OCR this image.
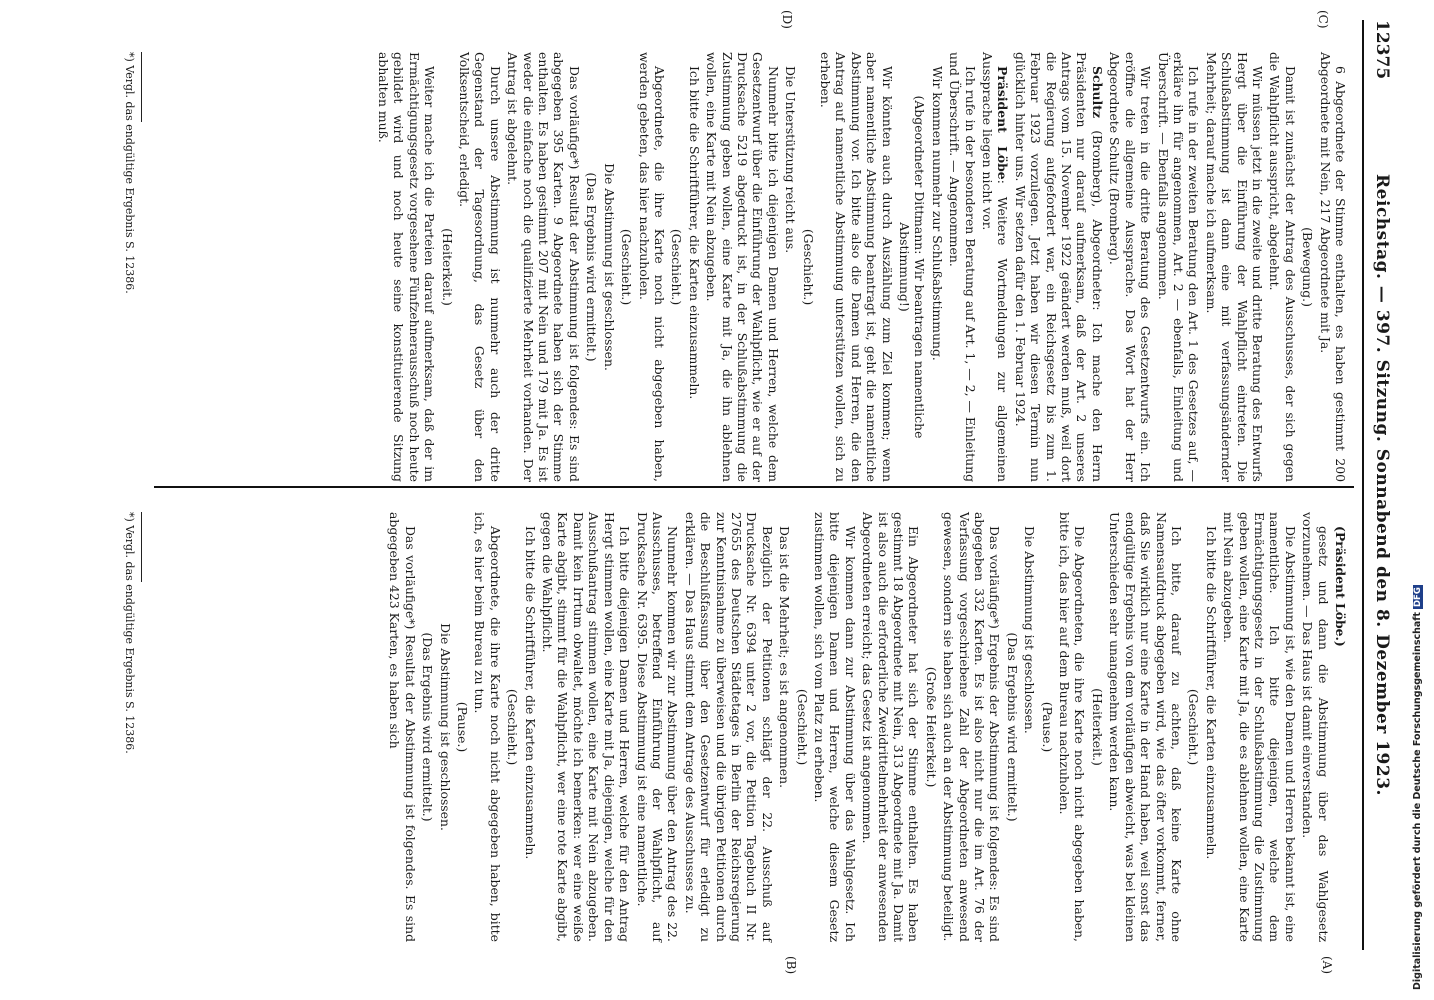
12375
Reichstag. — 397. Sitzung. Sonnabend den 8. Dezember 1923.
(C)
(D)
(A)
(B)

6 Abgeordnete der Stimme enthalten, es haben gestimmt 200 Abgeordnete mit Nein, 217 Abgeordnete mit Ja.

(Bewegung.)

Damit ist zunächst der Antrag des Ausschusses, der sich gegen die Wahlpflicht ausspricht, abgelehnt.

Wir müssen jetzt in die zweite und dritte Beratung des Entwurfs Hergt über die Einführung der Wahlpflicht eintreten. Die Schlußabstimmung ist dann eine mit verfassungsändernder Mehrheit; darauf mache ich aufmerksam.

Ich rufe in der zweiten Beratung den Art. 1 des Gesetzes auf, — erkläre ihn für angenommen, Art. 2 — ebenfalls, Einleitung und Überschrift. — Ebenfalls angenommen.

Wir treten in die dritte Beratung des Gesetzentwurfs ein. Ich eröffne die allgemeine Aussprache. Das Wort hat der Herr Abgeordnete Schultz (Bromberg).

Schultz (Bromberg), Abgeordneter: Ich mache den Herrn Präsidenten nur darauf aufmerksam, daß der Art. 2 unseres Antrags vom 15. November 1922 geändert werden muß, weil dort die Regierung aufgefordert war, ein Reichsgesetz bis zum 1. Februar 1923 vorzulegen. Jetzt haben wir diesen Termin nun glücklich hinter uns. Wir setzen dafür den 1. Februar 1924.

Präsident Löbe: Weitere Wortmeldungen zur allgemeinen Aussprache liegen nicht vor.

Ich rufe in der besonderen Beratung auf Art. 1, — 2, — Einleitung und Überschrift. — Angenommen.

Wir kommen nunmehr zur Schlußabstimmung.

(Abgeordneter Dittmann: Wir beantragen namentliche Abstimmung!)

Wir könnten auch durch Auszählung zum Ziel kommen; wenn aber namentliche Abstimmung beantragt ist, geht die namentliche Abstimmung vor. Ich bitte also die Damen und Herren, die den Antrag auf namentliche Abstimmung unterstützen wollen, sich zu erheben.

(Geschieht.)

Die Unterstützung reicht aus.

Nunmehr bitte ich diejenigen Damen und Herren, welche dem Gesetzentwurf über die Einführung der Wahlpflicht, wie er auf der Drucksache 5219 abgedruckt ist, in der Schlußabstimmung die Zustimmung geben wollen, eine Karte mit Ja, die ihn ablehnen wollen, eine Karte mit Nein abzugeben.

Ich bitte die Schriftführer, die Karten einzusammeln.

(Geschieht.)

Abgeordnete, die ihre Karte noch nicht abgegeben haben, werden gebeten, das hier nachzuholen.

(Geschieht.)

Die Abstimmung ist geschlossen.

(Das Ergebnis wird ermittelt.)

Das vorläufige*) Resultat der Abstimmung ist folgendes: Es sind abgegeben 395 Karten. 9 Abgeordnete haben sich der Stimme enthalten. Es haben gestimmt 207 mit Nein und 179 mit Ja. Es ist weder die einfache noch die qualifizierte Mehrheit vorhanden. Der Antrag ist abgelehnt.

Durch unsere Abstimmung ist nunmehr auch der dritte Gegenstand der Tagesordnung, das Gesetz über den Volksentscheid, erledigt.

(Heiterkeit.)

Weiter mache ich die Parteien darauf aufmerksam, daß der im Ermächtigungsgesetz vorgesehene Fünfzehnerausschuß noch heute gebildet wird und noch heute seine konstituierende Sitzung abhalten muß.

(Präsident Löbe.)

gesetz und dann die Abstimmung über das Wahlgesetz vorzunehmen. — Das Haus ist damit einverstanden.

Die Abstimmung ist, wie den Damen und Herren bekannt ist, eine namentliche. Ich bitte diejenigen, welche dem Ermächtigungsgesetz in der Schlußabstimmung die Zustimmung geben wollen, eine Karte mit Ja, die es ablehnen wollen, eine Karte mit Nein abzugeben.

Ich bitte die Schriftführer, die Karten einzusammeln.

(Geschieht.)

Ich bitte, darauf zu achten, daß keine Karte ohne Namensaufdruck abgegeben wird, wie das öfter vorkommt, ferner, daß Sie wirklich nur eine Karte in der Hand haben, weil sonst das endgültige Ergebnis von dem vorläufigen abweicht, was bei kleinen Unterschieden sehr unangenehm werden kann.

(Heiterkeit.)

Die Abgeordneten, die ihre Karte noch nicht abgegeben haben, bitte ich, das hier auf dem Bureau nachzuholen.

(Pause.)

Die Abstimmung ist geschlossen.

(Das Ergebnis wird ermittelt.)

Das vorläufige*) Ergebnis der Abstimmung ist folgendes: Es sind abgegeben 332 Karten. Es ist also nicht nur die im Art. 76 der Verfassung vorgeschriebene Zahl der Abgeordneten anwesend gewesen, sondern sie haben sich auch an der Abstimmung beteiligt.

(Große Heiterkeit.)

Ein Abgeordneter hat sich der Stimme enthalten. Es haben gestimmt 18 Abgeordnete mit Nein, 313 Abgeordnete mit Ja. Damit ist also auch die erforderliche Zweidrittelmehrheit der anwesenden Abgeordneten erreicht; das Gesetz ist angenommen.

Wir kommen dann zur Abstimmung über das Wahlgesetz. Ich bitte diejenigen Damen und Herren, welche diesem Gesetz zustimmen wollen, sich vom Platz zu erheben.

(Geschieht.)

Das ist die Mehrheit; es ist angenommen.

Bezüglich der Petitionen schlägt der 22. Ausschuß auf Drucksache Nr. 6394 unter 2 vor, die Petition Tagebuch II Nr. 27655 des Deutschen Städtetages in Berlin der Reichsregierung zur Kenntnisnahme zu überweisen und die übrigen Petitionen durch die Beschlußfassung über den Gesetzentwurf für erledigt zu erklären. — Das Haus stimmt dem Antrage des Ausschusses zu.

Nunmehr kommen wir zur Abstimmung über den Antrag des 22. Ausschusses, betreffend Einführung der Wahlpflicht, auf Drucksache Nr. 6395. Diese Abstimmung ist eine namentliche.

Ich bitte diejenigen Damen und Herren, welche für den Antrag Hergt stimmen wollen, eine Karte mit Ja, diejenigen, welche für den Ausschußantrag stimmen wollen, eine Karte mit Nein abzugeben. Damit kein Irrtum obwaltet, möchte ich bemerken: wer eine weiße Karte abgibt, stimmt für die Wahlpflicht, wer eine rote Karte abgibt, gegen die Wahlpflicht.

Ich bitte die Schriftführer, die Karten einzusammeln.

(Geschieht.)

Abgeordnete, die ihre Karte noch nicht abgegeben haben, bitte ich, es hier beim Bureau zu tun.

(Pause.)

Die Abstimmung ist geschlossen.

(Das Ergebnis wird ermittelt.)

Das vorläufige*) Resultat der Abstimmung ist folgendes. Es sind abgegeben 423 Karten, es haben sich

*) Vergl. das endgültige Ergebnis S. 12386.
*) Vergl. das endgültige Ergebnis S. 12386.	Digitalisierung gefördert durch die Deutsche ForschungsgemeinschaftDFG
